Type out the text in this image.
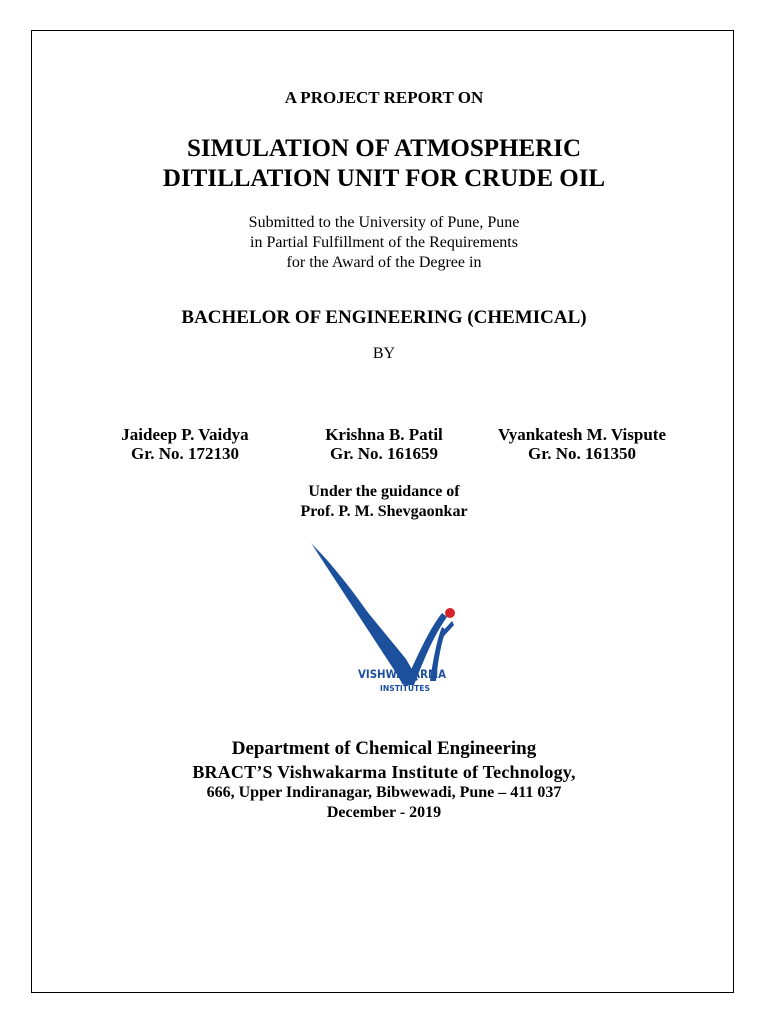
A PROJECT REPORT ON
SIMULATION OF ATMOSPHERIC
DITILLATION UNIT FOR CRUDE OIL
Submitted to the University of Pune, Pune
in Partial Fulfillment of the Requirements
for the Award of the Degree in
BACHELOR OF ENGINEERING (CHEMICAL)
BY
Jaideep P. Vaidya
Gr. No. 172130
Krishna B. Patil
Gr. No. 161659
Vyankatesh M. Vispute
Gr. No. 161350
Under the guidance of
Prof. P. M. Shevgaonkar
VISHWAKARMA
INSTITUTES
Department of Chemical Engineering
BRACT’S Vishwakarma Institute of Technology,
666, Upper Indiranagar, Bibwewadi, Pune – 411 037
December - 2019
